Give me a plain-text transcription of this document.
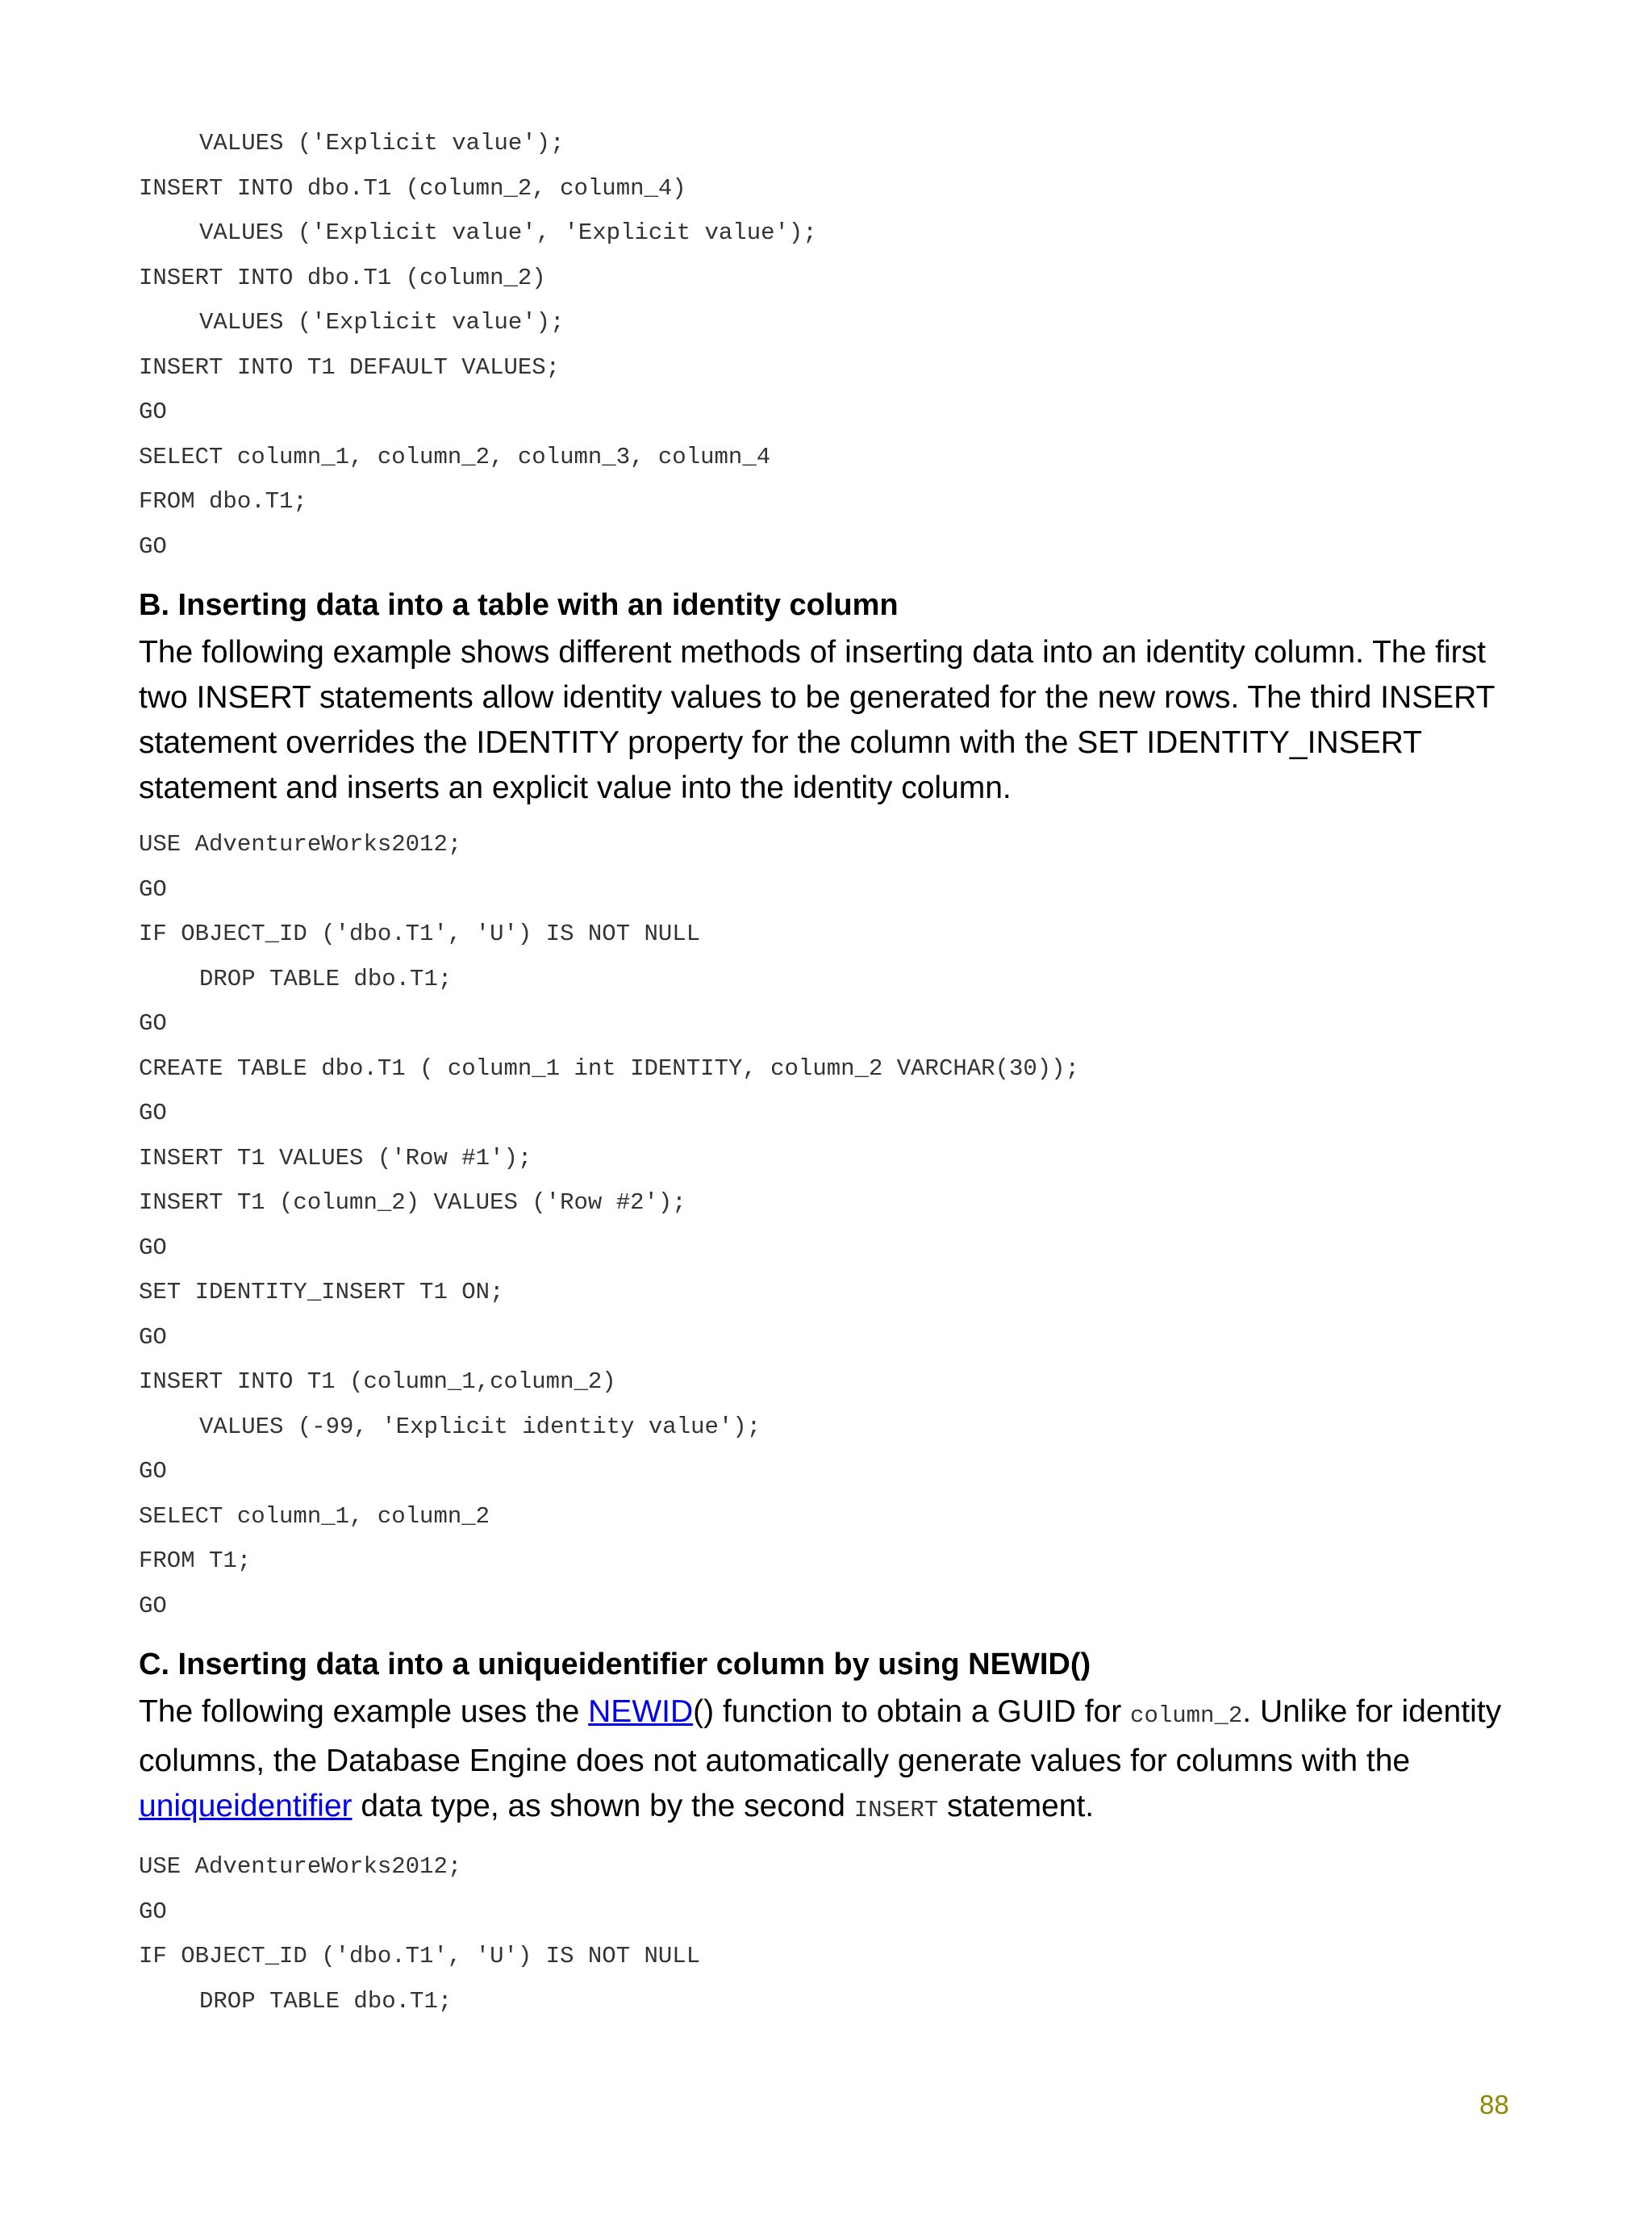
VALUES ('Explicit value');
INSERT INTO dbo.T1 (column_2, column_4)
VALUES ('Explicit value', 'Explicit value');
INSERT INTO dbo.T1 (column_2)
VALUES ('Explicit value');
INSERT INTO T1 DEFAULT VALUES;
GO
SELECT column_1, column_2, column_3, column_4
FROM dbo.T1;
GO
B. Inserting data into a table with an identity column
The following example shows different methods of inserting data into an identity column. The first two INSERT statements allow identity values to be generated for the new rows. The third INSERT statement overrides the IDENTITY property for the column with the SET IDENTITY_INSERT statement and inserts an explicit value into the identity column.
USE AdventureWorks2012;
GO
IF OBJECT_ID ('dbo.T1', 'U') IS NOT NULL
DROP TABLE dbo.T1;
GO
CREATE TABLE dbo.T1 ( column_1 int IDENTITY, column_2 VARCHAR(30));
GO
INSERT T1 VALUES ('Row #1');
INSERT T1 (column_2) VALUES ('Row #2');
GO
SET IDENTITY_INSERT T1 ON;
GO
INSERT INTO T1 (column_1,column_2)
VALUES (-99, 'Explicit identity value');
GO
SELECT column_1, column_2
FROM T1;
GO
C. Inserting data into a uniqueidentifier column by using NEWID()
The following example uses the NEWID() function to obtain a GUID for column_2. Unlike for identity columns, the Database Engine does not automatically generate values for columns with the uniqueidentifier data type, as shown by the second INSERT statement.
USE AdventureWorks2012;
GO
IF OBJECT_ID ('dbo.T1', 'U') IS NOT NULL
DROP TABLE dbo.T1;
88
